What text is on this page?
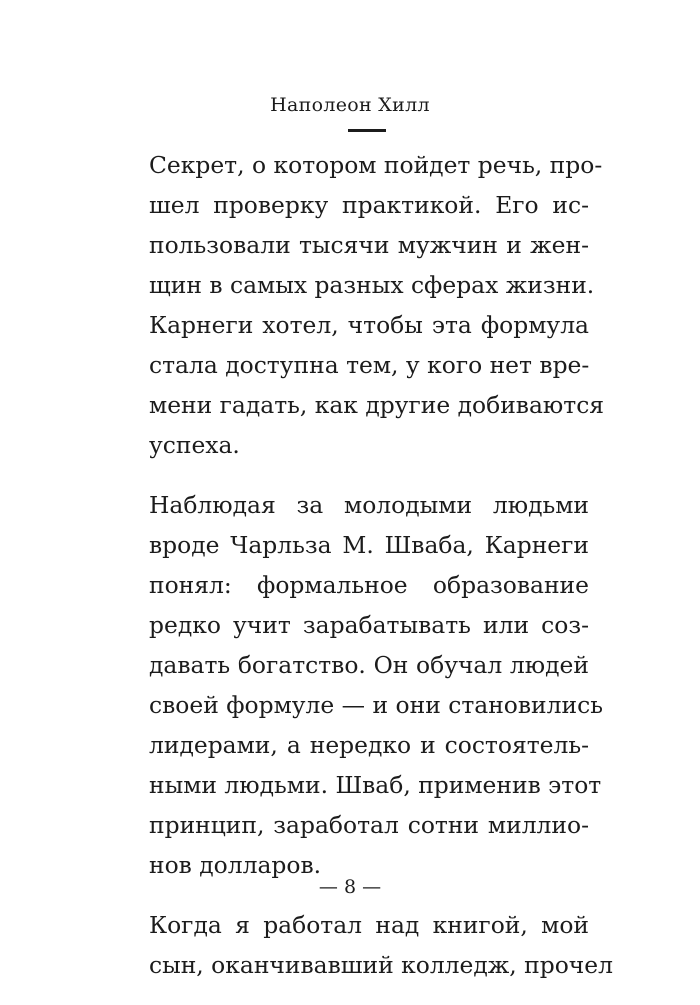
Наполеон Хилл
Секрет, о котором пойдет речь, про-
шел проверку практикой. Его ис-
пользовали тысячи мужчин и жен-
щин в самых разных сферах жизни.
Карнеги хотел, чтобы эта формула
стала доступна тем, у кого нет вре-
мени гадать, как другие добиваются
успеха.
Наблюдая за молодыми людьми
вроде Чарльза М. Шваба, Карнеги
понял: формальное образование
редко учит зарабатывать или соз-
давать богатство. Он обучал людей
своей формуле — и они становились
лидерами, а нередко и состоятель-
ными людьми. Шваб, применив этот
принцип, заработал сотни миллио-
нов долларов.
Когда я работал над книгой, мой
сын, оканчивавший колледж, прочел
— 8 —
